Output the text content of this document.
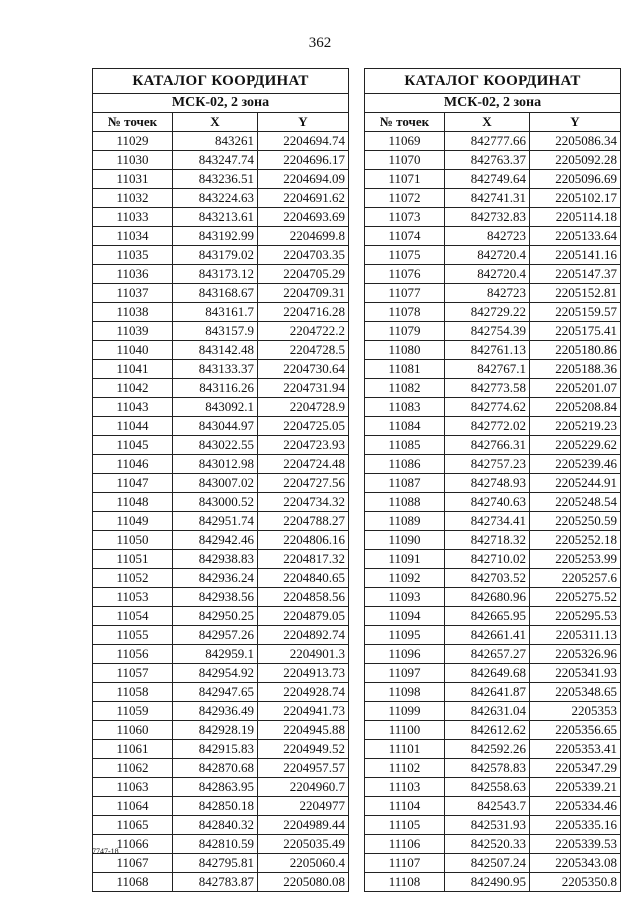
362
КАТАЛОГ КООРДИНАТ		
МСК-02, 2 зона		
№ точек	X	Y
11029	843261	2204694.74
11030	843247.74	2204696.17
11031	843236.51	2204694.09
11032	843224.63	2204691.62
11033	843213.61	2204693.69
11034	843192.99	2204699.8
11035	843179.02	2204703.35
11036	843173.12	2204705.29
11037	843168.67	2204709.31
11038	843161.7	2204716.28
11039	843157.9	2204722.2
11040	843142.48	2204728.5
11041	843133.37	2204730.64
11042	843116.26	2204731.94
11043	843092.1	2204728.9
11044	843044.97	2204725.05
11045	843022.55	2204723.93
11046	843012.98	2204724.48
11047	843007.02	2204727.56
11048	843000.52	2204734.32
11049	842951.74	2204788.27
11050	842942.46	2204806.16
11051	842938.83	2204817.32
11052	842936.24	2204840.65
11053	842938.56	2204858.56
11054	842950.25	2204879.05
11055	842957.26	2204892.74
11056	842959.1	2204901.3
11057	842954.92	2204913.73
11058	842947.65	2204928.74
11059	842936.49	2204941.73
11060	842928.19	2204945.88
11061	842915.83	2204949.52
11062	842870.68	2204957.57
11063	842863.95	2204960.7
11064	842850.18	2204977
11065	842840.32	2204989.44
11066	842810.59	2205035.49
11067	842795.81	2205060.4
11068	842783.87	2205080.08
КАТАЛОГ КООРДИНАТ		
МСК-02, 2 зона		
№ точек	X	Y
11069	842777.66	2205086.34
11070	842763.37	2205092.28
11071	842749.64	2205096.69
11072	842741.31	2205102.17
11073	842732.83	2205114.18
11074	842723	2205133.64
11075	842720.4	2205141.16
11076	842720.4	2205147.37
11077	842723	2205152.81
11078	842729.22	2205159.57
11079	842754.39	2205175.41
11080	842761.13	2205180.86
11081	842767.1	2205188.36
11082	842773.58	2205201.07
11083	842774.62	2205208.84
11084	842772.02	2205219.23
11085	842766.31	2205229.62
11086	842757.23	2205239.46
11087	842748.93	2205244.91
11088	842740.63	2205248.54
11089	842734.41	2205250.59
11090	842718.32	2205252.18
11091	842710.02	2205253.99
11092	842703.52	2205257.6
11093	842680.96	2205275.52
11094	842665.95	2205295.53
11095	842661.41	2205311.13
11096	842657.27	2205326.96
11097	842649.68	2205341.93
11098	842641.87	2205348.65
11099	842631.04	2205353
11100	842612.62	2205356.65
11101	842592.26	2205353.41
11102	842578.83	2205347.29
11103	842558.63	2205339.21
11104	842543.7	2205334.46
11105	842531.93	2205335.16
11106	842520.33	2205339.53
11107	842507.24	2205343.08
11108	842490.95	2205350.8
7747-18
